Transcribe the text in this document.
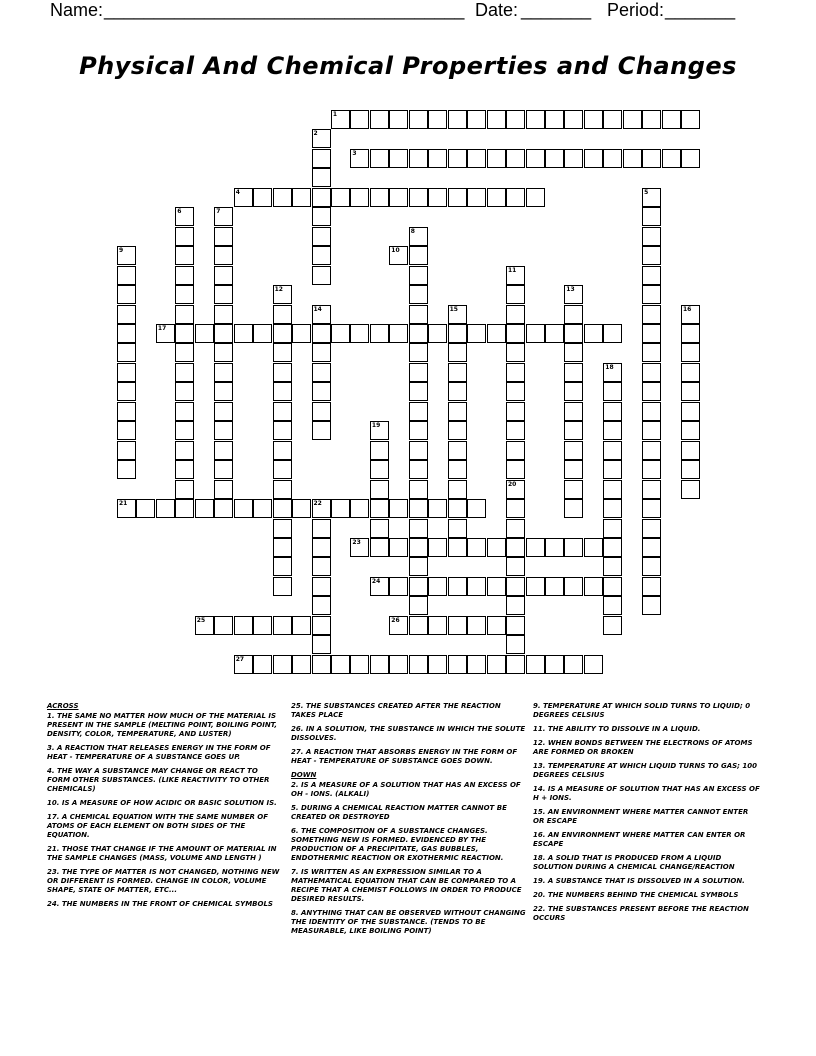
Name: ____________________________________ Date: _______ Period: _______
Physical And Chemical Properties and Changes
1
2
3
4	5
6	7
8
9	10
11
20
12	13
14	15	16
17
18
19
21	22
23
24
25	26
27
ACROSS
1. THE SAME NO MATTER HOW MUCH OF THE MATERIAL IS PRESENT IN THE SAMPLE (MELTING POINT, BOILING POINT, DENSITY, COLOR, TEMPERATURE, AND LUSTER)
3. A REACTION THAT RELEASES ENERGY IN THE FORM OF HEAT - TEMPERATURE OF A SUBSTANCE GOES UP.
4. THE WAY A SUBSTANCE MAY CHANGE OR REACT TO FORM OTHER SUBSTANCES. (LIKE REACTIVITY TO OTHER CHEMICALS)
10. IS A MEASURE OF HOW ACIDIC OR BASIC SOLUTION IS.
17. A CHEMICAL EQUATION WITH THE SAME NUMBER OF ATOMS OF EACH ELEMENT ON BOTH SIDES OF THE EQUATION.
21. THOSE THAT CHANGE IF THE AMOUNT OF MATERIAL IN THE SAMPLE CHANGES (MASS, VOLUME AND LENGTH )
23. THE TYPE OF MATTER IS NOT CHANGED, NOTHING NEW OR DIFFERENT IS FORMED. CHANGE IN COLOR, VOLUME SHAPE, STATE OF MATTER, ETC...
24. THE NUMBERS IN THE FRONT OF CHEMICAL SYMBOLS
25. THE SUBSTANCES CREATED AFTER THE REACTION TAKES PLACE
26. IN A SOLUTION, THE SUBSTANCE IN WHICH THE SOLUTE DISSOLVES.
27. A REACTION THAT ABSORBS ENERGY IN THE FORM OF HEAT - TEMPERATURE OF SUBSTANCE GOES DOWN.
DOWN
2. IS A MEASURE OF A SOLUTION THAT HAS AN EXCESS OF OH - IONS. (ALKALI)
5. DURING A CHEMICAL REACTION MATTER CANNOT BE CREATED OR DESTROYED
6. THE COMPOSITION OF A SUBSTANCE CHANGES. SOMETHING NEW IS FORMED. EVIDENCED BY THE PRODUCTION OF A PRECIPITATE, GAS BUBBLES, ENDOTHERMIC REACTION OR EXOTHERMIC REACTION.
7. IS WRITTEN AS AN EXPRESSION SIMILAR TO A MATHEMATICAL EQUATION THAT CAN BE COMPARED TO A RECIPE THAT A CHEMIST FOLLOWS IN ORDER TO PRODUCE DESIRED RESULTS.
8. ANYTHING THAT CAN BE OBSERVED WITHOUT CHANGING THE IDENTITY OF THE SUBSTANCE. (TENDS TO BE MEASURABLE, LIKE BOILING POINT)
9. TEMPERATURE AT WHICH SOLID TURNS TO LIQUID; 0 DEGREES CELSIUS
11. THE ABILITY TO DISSOLVE IN A LIQUID.
12. WHEN BONDS BETWEEN THE ELECTRONS OF ATOMS ARE FORMED OR BROKEN
13. TEMPERATURE AT WHICH LIQUID TURNS TO GAS; 100 DEGREES CELSIUS
14. IS A MEASURE OF SOLUTION THAT HAS AN EXCESS OF H + IONS.
15. AN ENVIRONMENT WHERE MATTER CANNOT ENTER OR ESCAPE
16. AN ENVIRONMENT WHERE MATTER CAN ENTER OR ESCAPE
18. A SOLID THAT IS PRODUCED FROM A LIQUID SOLUTION DURING A CHEMICAL CHANGE/REACTION
19. A SUBSTANCE THAT IS DISSOLVED IN A SOLUTION.
20. THE NUMBERS BEHIND THE CHEMICAL SYMBOLS
22. THE SUBSTANCES PRESENT BEFORE THE REACTION OCCURS
